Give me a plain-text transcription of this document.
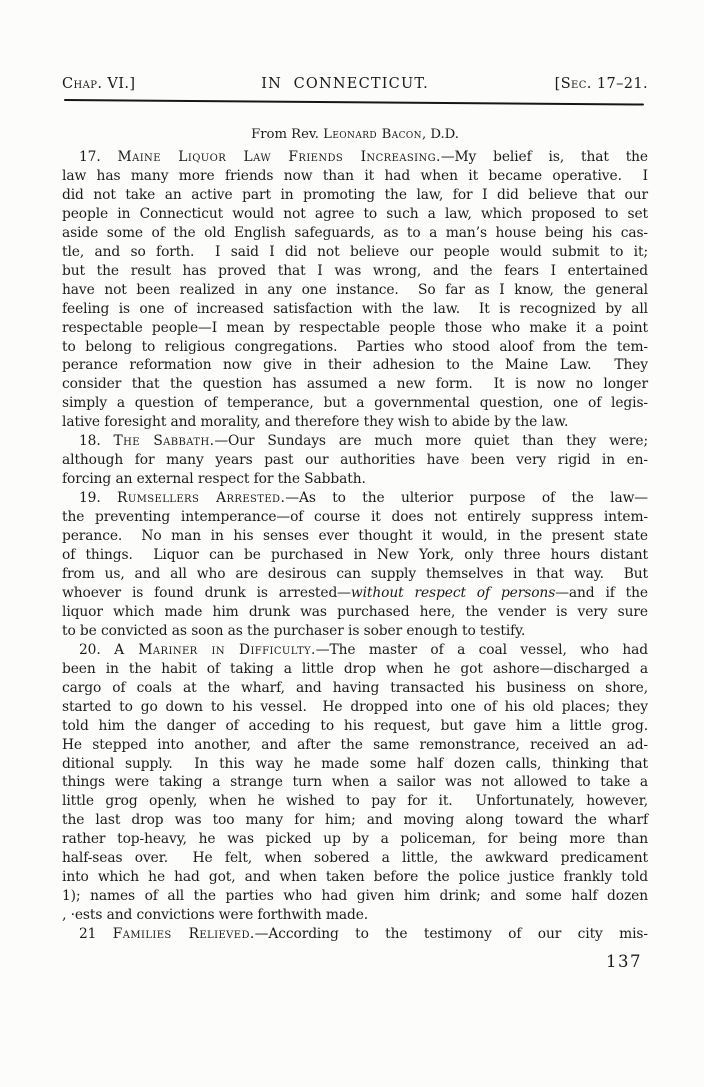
Chap. VI.]	IN  CONNECTICUT.	[Sec. 17–21.
From Rev. Leonard Bacon, D.D.
17. Maine Liquor Law Friends Increasing.—My belief is, that the
law has many more friends now than it had when it became operative.  I
did not take an active part in promoting the law, for I did believe that our
people in Connecticut would not agree to such a law, which proposed to set
aside some of the old English safeguards, as to a man’s house being his cas-
tle, and so forth.  I said I did not believe our people would submit to it;
but the result has proved that I was wrong, and the fears I entertained
have not been realized in any one instance.  So far as I know, the general
feeling is one of increased satisfaction with the law.  It is recognized by all
respectable people—I mean by respectable people those who make it a point
to belong to religious congregations.  Parties who stood aloof from the tem-
perance reformation now give in their adhesion to the Maine Law.  They
consider that the question has assumed a new form.  It is now no longer
simply a question of temperance, but a governmental question, one of legis-
lative foresight and morality, and therefore they wish to abide by the law.
18. The Sabbath.—Our Sundays are much more quiet than they were;
although for many years past our authorities have been very rigid in en-
forcing an external respect for the Sabbath.
19. Rumsellers Arrested.—As to the ulterior purpose of the law—
the preventing intemperance—of course it does not entirely suppress intem-
perance.  No man in his senses ever thought it would, in the present state
of things.  Liquor can be purchased in New York, only three hours distant
from us, and all who are desirous can supply themselves in that way.  But
whoever is found drunk is arrested—without respect of persons—and if the
liquor which made him drunk was purchased here, the vender is very sure
to be convicted as soon as the purchaser is sober enough to testify.
20. A Mariner in Difficulty.—The master of a coal vessel, who had
been in the habit of taking a little drop when he got ashore—discharged a
cargo of coals at the wharf, and having transacted his business on shore,
started to go down to his vessel.  He dropped into one of his old places; they
told him the danger of acceding to his request, but gave him a little grog.
He stepped into another, and after the same remonstrance, received an ad-
ditional supply.  In this way he made some half dozen calls, thinking that
things were taking a strange turn when a sailor was not allowed to take a
little grog openly, when he wished to pay for it.  Unfortunately, however,
the last drop was too many for him; and moving along toward the wharf
rather top-heavy, he was picked up by a policeman, for being more than
half-seas over.  He felt, when sobered a little, the awkward predicament
into which he had got, and when taken before the police justice frankly told
1); names of all the parties who had given him drink; and some half dozen
‚ ·ests and convictions were forthwith made.
21 Families Relieved.—According to the testimony of our city mis-
137
